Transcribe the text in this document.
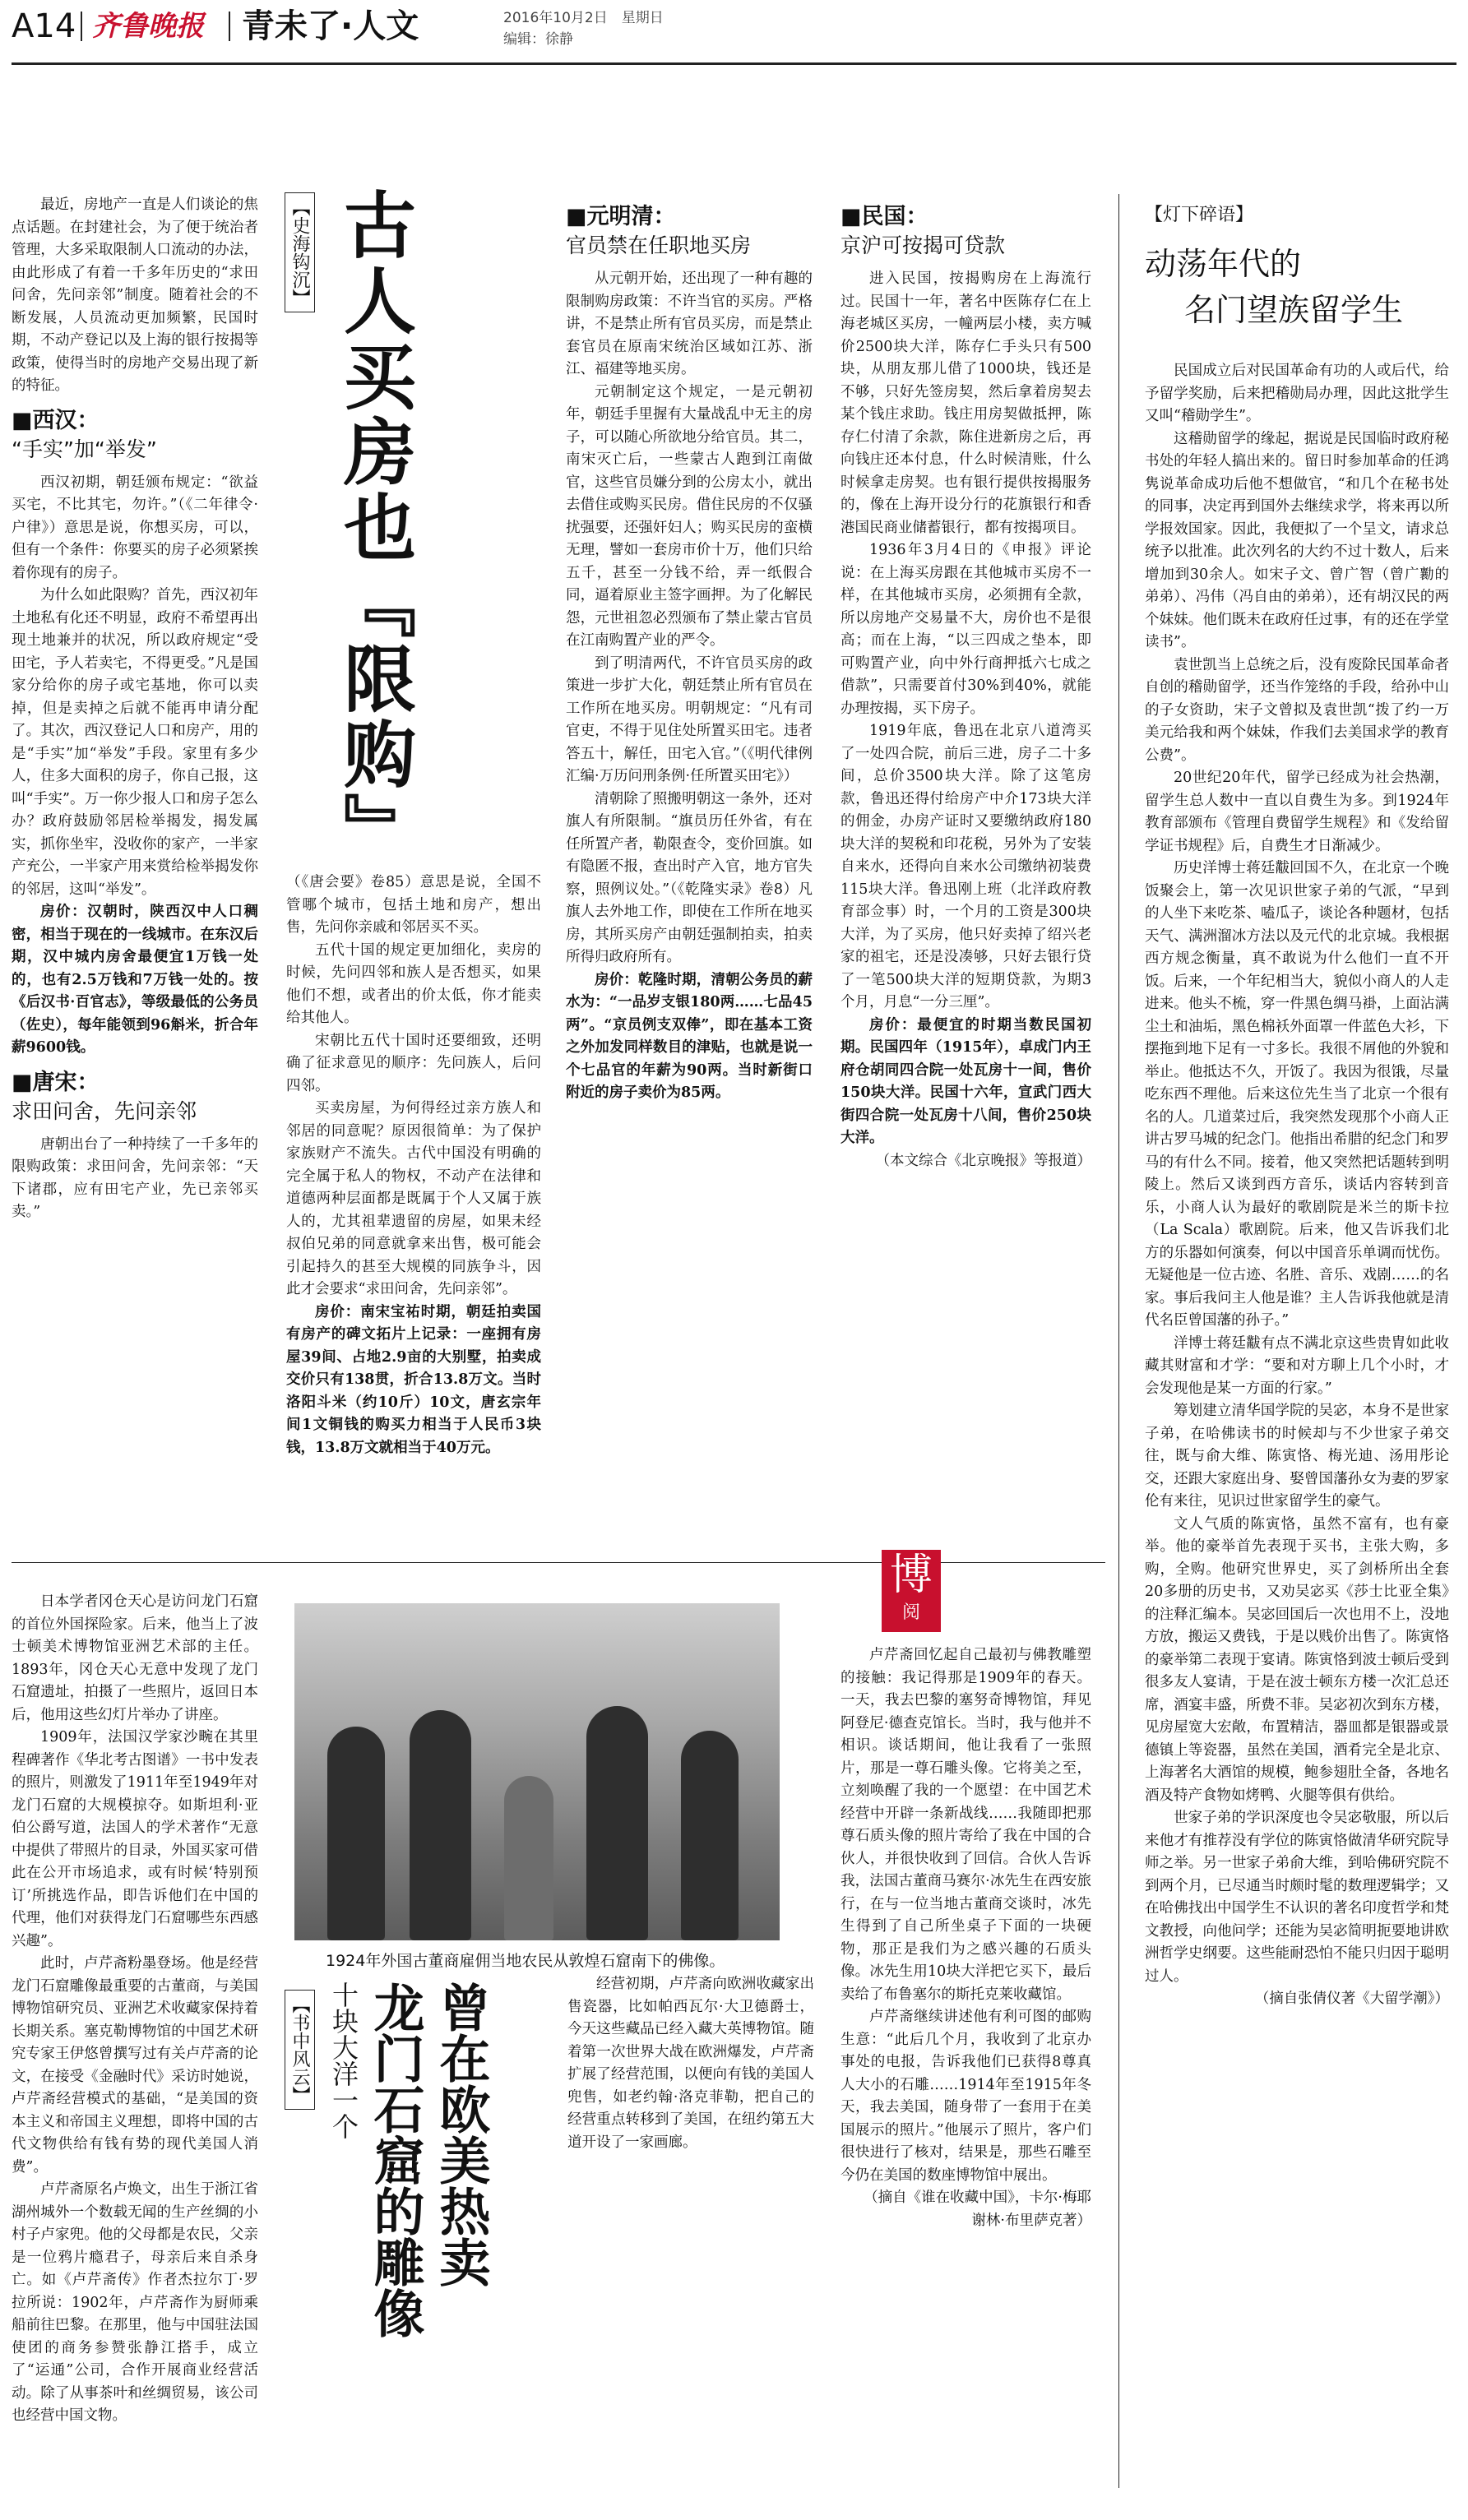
A14 齐鲁晚报 青未了·人文	2016年10月2日　 星期日
编辑：徐静
【史海钩沉】 古人买房也『限购』

最近，房地产一直是人们谈论的焦点话题。在封建社会，为了便于统治者管理，大多采取限制人口流动的办法，由此形成了有着一千多年历史的“求田问舍，先问亲邻”制度。随着社会的不断发展，人员流动更加频繁，民国时期，不动产登记以及上海的银行按揭等政策，使得当时的房地产交易出现了新的特征。

■西汉：
“手实”加“举发”

西汉初期，朝廷颁布规定：“欲益买宅，不比其宅，勿许。”（《二年律令·户律》）意思是说，你想买房，可以，但有一个条件：你要买的房子必须紧挨着你现有的房子。

为什么如此限购？首先，西汉初年土地私有化还不明显，政府不希望再出现土地兼并的状况，所以政府规定“受田宅，予人若卖宅，不得更受。”凡是国家分给你的房子或宅基地，你可以卖掉，但是卖掉之后就不能再申请分配了。其次，西汉登记人口和房产，用的是“手实”加“举发”手段。家里有多少人，住多大面积的房子，你自己报，这叫“手实”。万一你少报人口和房子怎么办？政府鼓励邻居检举揭发，揭发属实，抓你坐牢，没收你的家产，一半家产充公，一半家产用来赏给检举揭发你的邻居，这叫“举发”。

房价：汉朝时，陕西汉中人口稠密，相当于现在的一线城市。在东汉后期，汉中城内房舍最便宜1万钱一处的，也有2.5万钱和7万钱一处的。按《后汉书·百官志》，等级最低的公务员（佐史），每年能领到96斛米，折合年薪9600钱。

■唐宋：
求田问舍，先问亲邻

唐朝出台了一种持续了一千多年的限购政策：求田问舍，先问亲邻：“天下诸郡，应有田宅产业，先已亲邻买卖。”

（《唐会要》卷85）意思是说，全国不管哪个城市，包括土地和房产，想出售，先问你亲戚和邻居买不买。

五代十国的规定更加细化，卖房的时候，先问四邻和族人是否想买，如果他们不想，或者出的价太低，你才能卖给其他人。

宋朝比五代十国时还要细致，还明确了征求意见的顺序：先问族人，后问四邻。

买卖房屋，为何得经过亲方族人和邻居的同意呢？原因很简单：为了保护家族财产不流失。古代中国没有明确的完全属于私人的物权，不动产在法律和道德两种层面都是既属于个人又属于族人的，尤其祖辈遗留的房屋，如果未经叔伯兄弟的同意就拿来出售，极可能会引起持久的甚至大规模的同族争斗，因此才会要求“求田问舍，先问亲邻”。

房价：南宋宝祐时期，朝廷拍卖国有房产的碑文拓片上记录：一座拥有房屋39间、占地2.9亩的大别墅，拍卖成交价只有138贯，折合13.8万文。当时洛阳斗米（约10斤）10文，唐玄宗年间1文铜钱的购买力相当于人民币3块钱，13.8万文就相当于40万元。

■元明清：
官员禁在任职地买房

从元朝开始，还出现了一种有趣的限制购房政策：不许当官的买房。严格讲，不是禁止所有官员买房，而是禁止套官员在原南宋统治区域如江苏、浙江、福建等地买房。

元朝制定这个规定，一是元朝初年，朝廷手里握有大量战乱中无主的房子，可以随心所欲地分给官员。其二，南宋灭亡后，一些蒙古人跑到江南做官，这些官员嫌分到的公房太小，就出去借住或购买民房。借住民房的不仅骚扰强要，还强奸妇人；购买民房的蛮横无理，譬如一套房市价十万，他们只给五千，甚至一分钱不给，弄一纸假合同，逼着原业主签字画押。为了化解民怨，元世祖忽必烈颁布了禁止蒙古官员在江南购置产业的严令。

到了明清两代，不许官员买房的政策进一步扩大化，朝廷禁止所有官员在工作所在地买房。明朝规定：“凡有司官吏，不得于见住处所置买田宅。违者答五十，解任，田宅入官。”（《明代律例汇编·万历问刑条例·任所置买田宅》）

清朝除了照搬明朝这一条外，还对旗人有所限制。“旗员历任外省，有在任所置产者，勒限查令，变价回旗。如有隐匿不报，查出时产入官，地方官失察，照例议处。”（《乾隆实录》卷8）凡旗人去外地工作，即使在工作所在地买房，其所买房产由朝廷强制拍卖，拍卖所得归政府所有。

房价：乾隆时期，清朝公务员的薪水为：“一品岁支银180两……七品45两”。“京员例支双俸”，即在基本工资之外加发同样数目的津贴，也就是说一个七品官的年薪为90两。当时新街口附近的房子卖价为85两。

■民国：
京沪可按揭可贷款

进入民国，按揭购房在上海流行过。民国十一年，著名中医陈存仁在上海老城区买房，一幢两层小楼，卖方喊价2500块大洋，陈存仁手头只有500块，从朋友那儿借了1000块，钱还是不够，只好先签房契，然后拿着房契去某个钱庄求助。钱庄用房契做抵押，陈存仁付清了余款，陈住进新房之后，再向钱庄还本付息，什么时候清账，什么时候拿走房契。也有银行提供按揭服务的，像在上海开设分行的花旗银行和香港国民商业储蓄银行，都有按揭项目。

1936年3月4日的《申报》评论说：在上海买房跟在其他城市买房不一样，在其他城市买房，必须拥有全款，所以房地产交易量不大，房价也不是很高；而在上海，“以三四成之垫本，即可购置产业，向中外行商押抵六七成之借款”，只需要首付30%到40%，就能办理按揭，买下房子。

1919年底，鲁迅在北京八道湾买了一处四合院，前后三进，房子二十多间，总价3500块大洋。除了这笔房款，鲁迅还得付给房产中介173块大洋的佣金，办房产证时又要缴纳政府180块大洋的契税和印花税，另外为了安装自来水，还得向自来水公司缴纳初装费115块大洋。鲁迅刚上班（北洋政府教育部佥事）时，一个月的工资是300块大洋，为了买房，他只好卖掉了绍兴老家的祖宅，还是没凑够，只好去银行贷了一笔500块大洋的短期贷款，为期3个月，月息“一分三厘”。

房价：最便宜的时期当数民国初期。民国四年（1915年），卓成门内王府仓胡同四合院一处瓦房十一间，售价150块大洋。民国十六年，宣武门西大街四合院一处瓦房十八间，售价250块大洋。

（本文综合《北京晚报》等报道）

【灯下碎语】
动荡年代的
名门望族留学生

民国成立后对民国革命有功的人或后代，给予留学奖励，后来把稽勋局办理，因此这批学生又叫“稽勋学生”。

这稽勋留学的缘起，据说是民国临时政府秘书处的年轻人搞出来的。留日时参加革命的任鸿隽说革命成功后他不想做官，“和几个在秘书处的同事，决定再到国外去继续求学，将来再以所学报效国家。因此，我便拟了一个呈文，请求总统予以批准。此次列名的大约不过十数人，后来增加到30余人。如宋子文、曾广智（曾广勷的弟弟）、冯伟（冯自由的弟弟），还有胡汉民的两个妹妹。他们既未在政府任过事，有的还在学堂读书”。

袁世凯当上总统之后，没有废除民国革命者自创的稽勋留学，还当作笼络的手段，给孙中山的子女资助，宋子文曾拟及袁世凯“拨了约一万美元给我和两个妹妹，作我们去美国求学的教育公费”。

20世纪20年代，留学已经成为社会热潮，留学生总人数中一直以自费生为多。到1924年教育部颁布《管理自费留学生规程》和《发给留学证书规程》后，自费生才日渐减少。

历史洋博士蒋廷黻回国不久，在北京一个晚饭聚会上，第一次见识世家子弟的气派，“早到的人坐下来吃茶、嗑瓜子，谈论各种题材，包括天气、满洲溜冰方法以及元代的北京城。我根据西方规念衡量，真不敢说为什么他们一直不开饭。后来，一个年纪相当大，貌似小商人的人走进来。他头不梳，穿一件黑色绸马褂，上面沾满尘土和油垢，黑色棉袄外面罩一件蓝色大衫，下摆拖到地下足有一寸多长。我很不屑他的外貌和举止。他抵达不久，开饭了。我因为很饿，尽量吃东西不理他。后来这位先生当了北京一个很有名的人。几道菜过后，我突然发现那个小商人正讲古罗马城的纪念门。他指出希腊的纪念门和罗马的有什么不同。接着，他又突然把话题转到明陵上。然后又谈到西方音乐，谈话内容转到音乐，小商人认为最好的歌剧院是米兰的斯卡拉（La Scala）歌剧院。后来，他又告诉我们北方的乐器如何演奏，何以中国音乐单调而忧伤。无疑他是一位古迹、名胜、音乐、戏剧……的名家。事后我问主人他是谁？主人告诉我他就是清代名臣曾国藩的孙子。”

洋博士蒋廷黻有点不满北京这些贵胄如此收藏其财富和才学：“要和对方聊上几个小时，才会发现他是某一方面的行家。”

筹划建立清华国学院的吴宓，本身不是世家子弟，在哈佛读书的时候却与不少世家子弟交往，既与俞大维、陈寅恪、梅光迪、汤用彤论交，还跟大家庭出身、娶曾国藩孙女为妻的罗家伦有来往，见识过世家留学生的豪气。

文人气质的陈寅恪，虽然不富有，也有豪举。他的豪举首先表现于买书，主张大购，多购，全购。他研究世界史，买了剑桥所出全套20多册的历史书，又劝吴宓买《莎士比亚全集》的注释汇编本。吴宓回国后一次也用不上，没地方放，搬运又费钱，于是以贱价出售了。陈寅恪的豪举第二表现于宴请。陈寅恪到波士顿后受到很多友人宴请，于是在波士顿东方楼一次汇总还席，酒宴丰盛，所费不菲。吴宓初次到东方楼，见房屋宽大宏敞，布置精洁，器皿都是银器或景德镇上等瓷器，虽然在美国，酒肴完全是北京、上海著名大酒馆的规模，鲍参翅肚全备，各地名酒及特产食物如烤鸭、火腿等俱有供给。

世家子弟的学识深度也令吴宓敬服，所以后来他才有推荐没有学位的陈寅恪做清华研究院导师之举。另一世家子弟俞大维，到哈佛研究院不到两个月，已尽通当时颇时髦的数理逻辑学；又在哈佛找出中国学生不认识的著名印度哲学和梵文教授，向他问学；还能为吴宓简明扼要地讲欧洲哲学史纲要。这些能耐恐怕不能只归因于聪明过人。

（摘自张倩仪著《大留学潮》）

博
阅
1924年外国古董商雇佣当地农民从敦煌石窟南下的佛像。
【书中风云】 十块大洋一个 曾在欧美热卖
龙门石窟的雕像

日本学者冈仓天心是访问龙门石窟的首位外国探险家。后来，他当上了波士顿美术博物馆亚洲艺术部的主任。1893年，冈仓天心无意中发现了龙门石窟遗址，拍摄了一些照片，返回日本后，他用这些幻灯片举办了讲座。

1909年，法国汉学家沙畹在其里程碑著作《华北考古图谱》一书中发表的照片，则激发了1911年至1949年对龙门石窟的大规模掠夺。如斯坦利·亚伯公爵写道，法国人的学术著作“无意中提供了带照片的目录，外国买家可借此在公开市场追求，或有时候‘特别预订’所挑选作品，即告诉他们在中国的代理，他们对获得龙门石窟哪些东西感兴趣”。

此时，卢芹斋粉墨登场。他是经营龙门石窟雕像最重要的古董商，与美国博物馆研究员、亚洲艺术收藏家保持着长期关系。塞克勒博物馆的中国艺术研究专家王伊悠曾撰写过有关卢芹斋的论文，在接受《金融时代》采访时她说，卢芹斋经营模式的基础，“是美国的资本主义和帝国主义理想，即将中国的古代文物供给有钱有势的现代美国人消费”。

卢芹斋原名卢焕文，出生于浙江省湖州城外一个数载无闻的生产丝绸的小村子卢家兜。他的父母都是农民，父亲是一位鸦片瘾君子，母亲后来自杀身亡。如《卢芹斋传》作者杰拉尔丁·罗拉所说：1902年，卢芹斋作为厨师乘船前往巴黎。在那里，他与中国驻法国使团的商务参赞张静江搭手，成立了“运通”公司，合作开展商业经营活动。除了从事茶叶和丝绸贸易，该公司也经营中国文物。

经营初期，卢芹斋向欧洲收藏家出售瓷器，比如帕西瓦尔·大卫德爵士，今天这些藏品已经入藏大英博物馆。随着第一次世界大战在欧洲爆发，卢芹斋扩展了经营范围，以便向有钱的美国人兜售，如老约翰·洛克菲勒，把自己的经营重点转移到了美国，在纽约第五大道开设了一家画廊。

卢芹斋回忆起自己最初与佛教雕塑的接触：我记得那是1909年的春天。一天，我去巴黎的塞努奇博物馆，拜见阿登尼·德查克馆长。当时，我与他并不相识。谈话期间，他让我看了一张照片，那是一尊石雕头像。它将美之至，立刻唤醒了我的一个愿望：在中国艺术经营中开辟一条新战线……我随即把那尊石质头像的照片寄给了我在中国的合伙人，并很快收到了回信。合伙人告诉我，法国古董商马赛尔·冰先生在西安旅行，在与一位当地古董商交谈时，冰先生得到了自己所坐桌子下面的一块硬物，那正是我们为之感兴趣的石质头像。冰先生用10块大洋把它买下，最后卖给了布鲁塞尔的斯托克莱收藏馆。

卢芹斋继续讲述他有利可图的邮购生意：“此后几个月，我收到了北京办事处的电报，告诉我他们已获得8尊真人大小的石雕……1914年至1915年冬天，我去美国，随身带了一套用于在美国展示的照片。”他展示了照片，客户们很快进行了核对，结果是，那些石雕至今仍在美国的数座博物馆中展出。

（摘自《谁在收藏中国》，卡尔·梅耶　谢林·布里萨克著）
